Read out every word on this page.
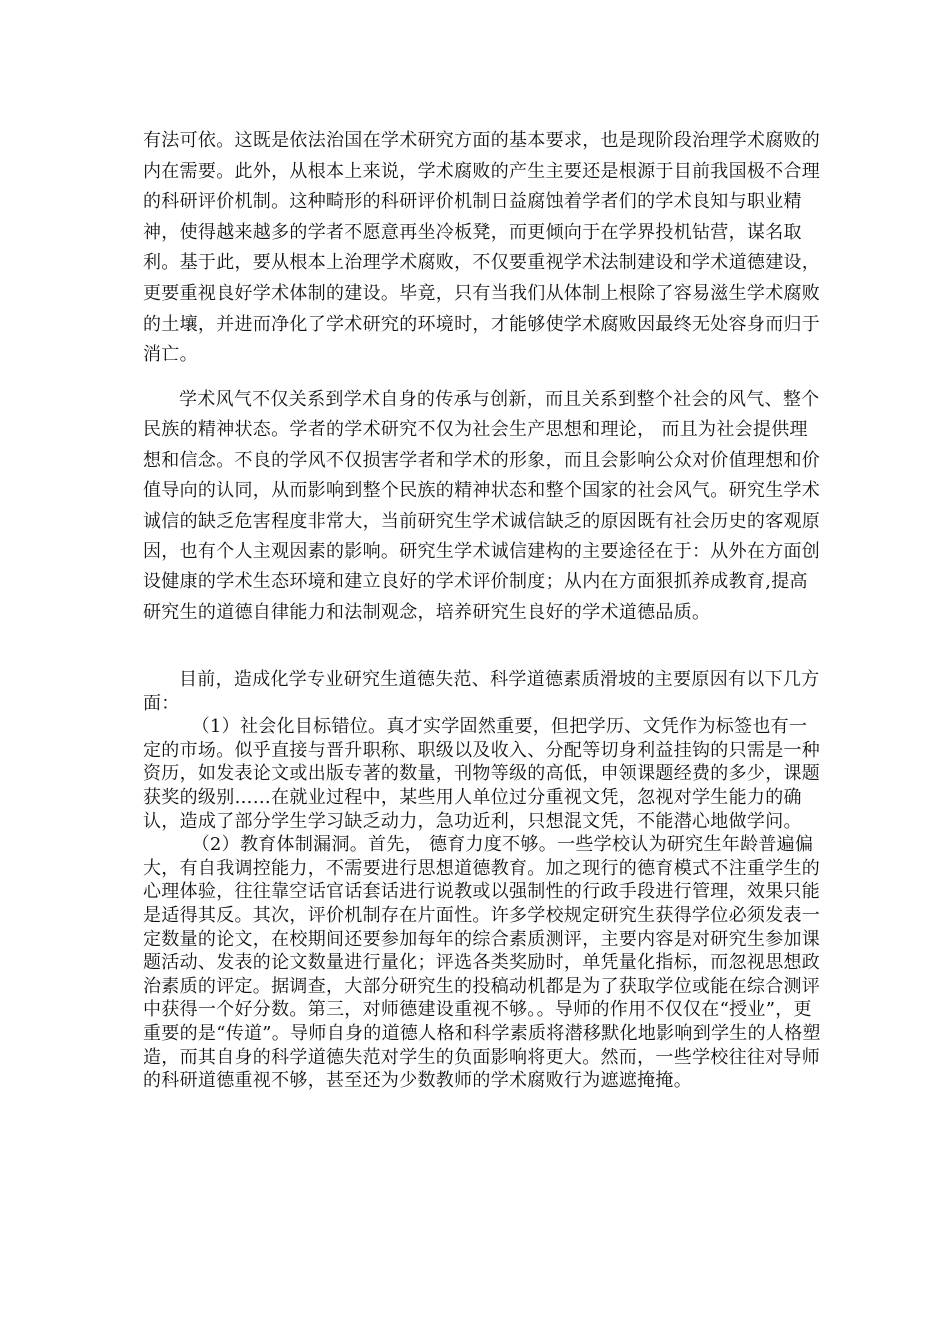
有法可依。这既是依法治国在学术研究方面的基本要求，也是现阶段治理学术腐败的内在需要。此外，从根本上来说，学术腐败的产生主要还是根源于目前我国极不合理的科研评价机制。这种畸形的科研评价机制日益腐蚀着学者们的学术良知与职业精神，使得越来越多的学者不愿意再坐冷板凳，而更倾向于在学界投机钻营，谋名取利。基于此，要从根本上治理学术腐败，不仅要重视学术法制建设和学术道德建设，更要重视良好学术体制的建设。毕竟，只有当我们从体制上根除了容易滋生学术腐败的土壤，并进而净化了学术研究的环境时，才能够使学术腐败因最终无处容身而归于消亡。

学术风气不仅关系到学术自身的传承与创新，而且关系到整个社会的风气、整个民族的精神状态。学者的学术研究不仅为社会生产思想和理论， 而且为社会提供理想和信念。不良的学风不仅损害学者和学术的形象，而且会影响公众对价值理想和价值导向的认同，从而影响到整个民族的精神状态和整个国家的社会风气。研究生学术诚信的缺乏危害程度非常大，当前研究生学术诚信缺乏的原因既有社会历史的客观原因，也有个人主观因素的影响。研究生学术诚信建构的主要途径在于：从外在方面创设健康的学术生态环境和建立良好的学术评价制度；从内在方面狠抓养成教育,提高研究生的道德自律能力和法制观念，培养研究生良好的学术道德品质。

目前，造成化学专业研究生道德失范、科学道德素质滑坡的主要原因有以下几方面：

（1）社会化目标错位。真才实学固然重要，但把学历、文凭作为标签也有一定的市场。似乎直接与晋升职称、职级以及收入、分配等切身利益挂钩的只需是一种资历，如发表论文或出版专著的数量，刊物等级的高低，申领课题经费的多少，课题获奖的级别……在就业过程中，某些用人单位过分重视文凭，忽视对学生能力的确认，造成了部分学生学习缺乏动力，急功近利，只想混文凭，不能潜心地做学问。

（2）教育体制漏洞。首先， 德育力度不够。一些学校认为研究生年龄普遍偏大，有自我调控能力，不需要进行思想道德教育。加之现行的德育模式不注重学生的心理体验，往往靠空话官话套话进行说教或以强制性的行政手段进行管理，效果只能是适得其反。其次，评价机制存在片面性。许多学校规定研究生获得学位必须发表一定数量的论文，在校期间还要参加每年的综合素质测评，主要内容是对研究生参加课题活动、发表的论文数量进行量化；评选各类奖励时，单凭量化指标，而忽视思想政治素质的评定。据调查，大部分研究生的投稿动机都是为了获取学位或能在综合测评中获得一个好分数。第三，对师德建设重视不够。。导师的作用不仅仅在“授业”，更重要的是“传道”。导师自身的道德人格和科学素质将潜移默化地影响到学生的人格塑造，而其自身的科学道德失范对学生的负面影响将更大。然而，一些学校往往对导师的科研道德重视不够，甚至还为少数教师的学术腐败行为遮遮掩掩。
